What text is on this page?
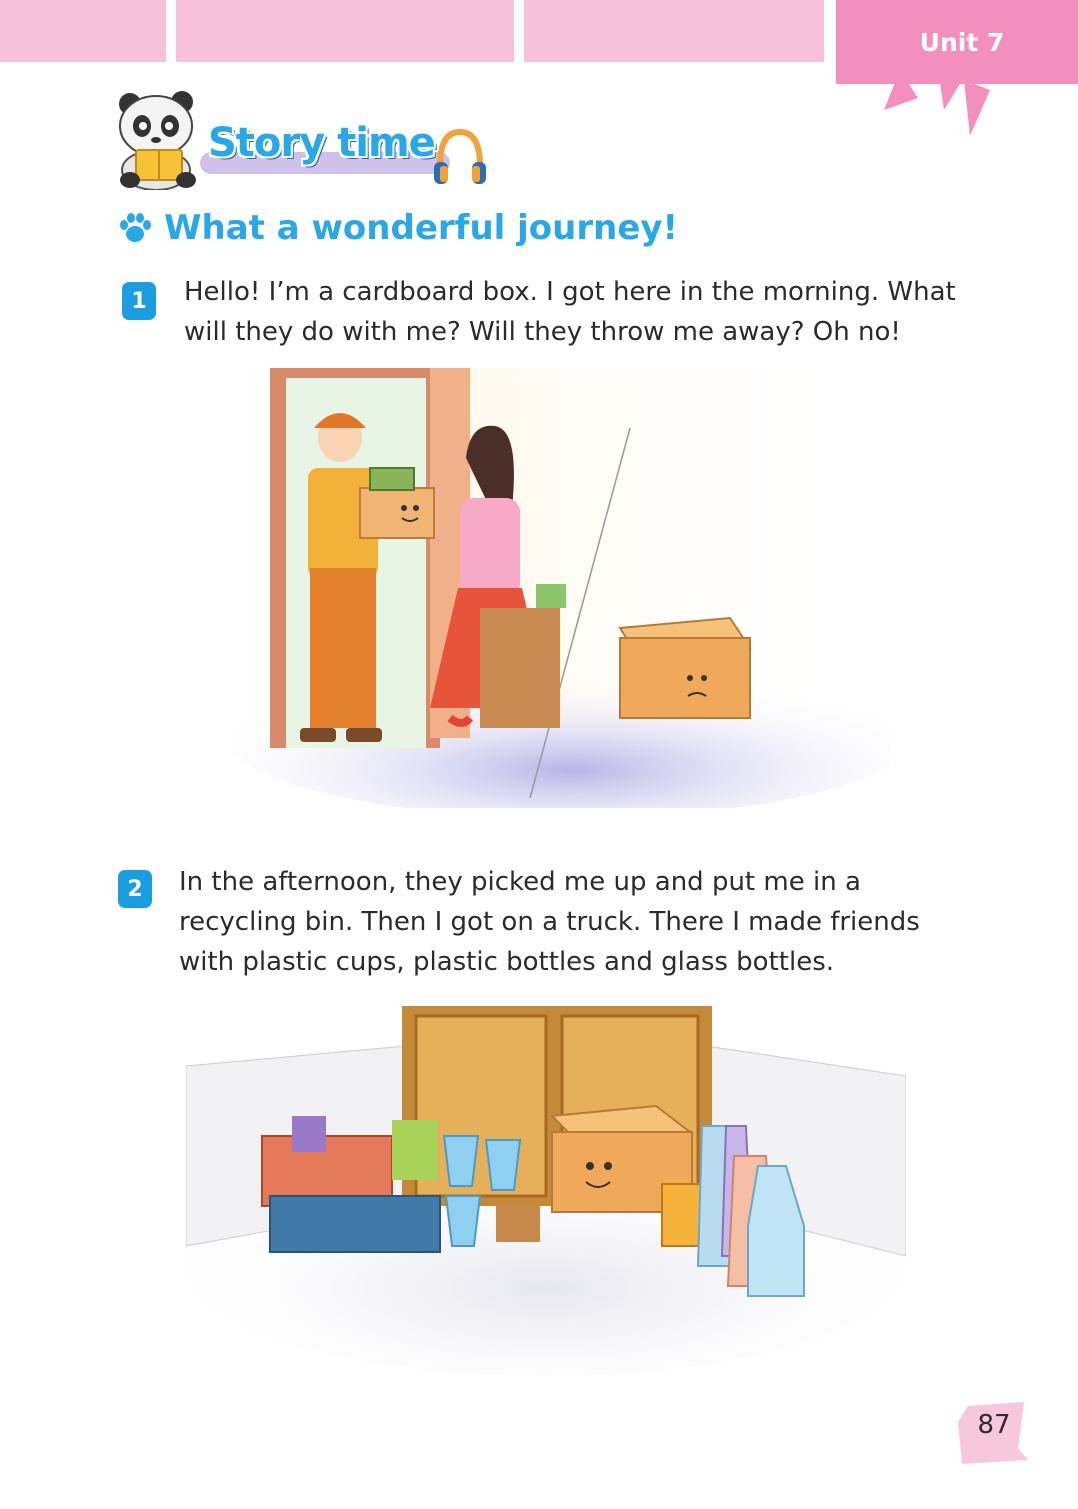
Unit 7
Story time
What a wonderful journey!
1	Hello! I’m a cardboard box. I got here in the morning. What will they do with me? Will they throw me away? Oh no!
2	In the afternoon, they picked me up and put me in a recycling bin. Then I got on a truck. There I made friends with plastic cups, plastic bottles and glass bottles.
87
